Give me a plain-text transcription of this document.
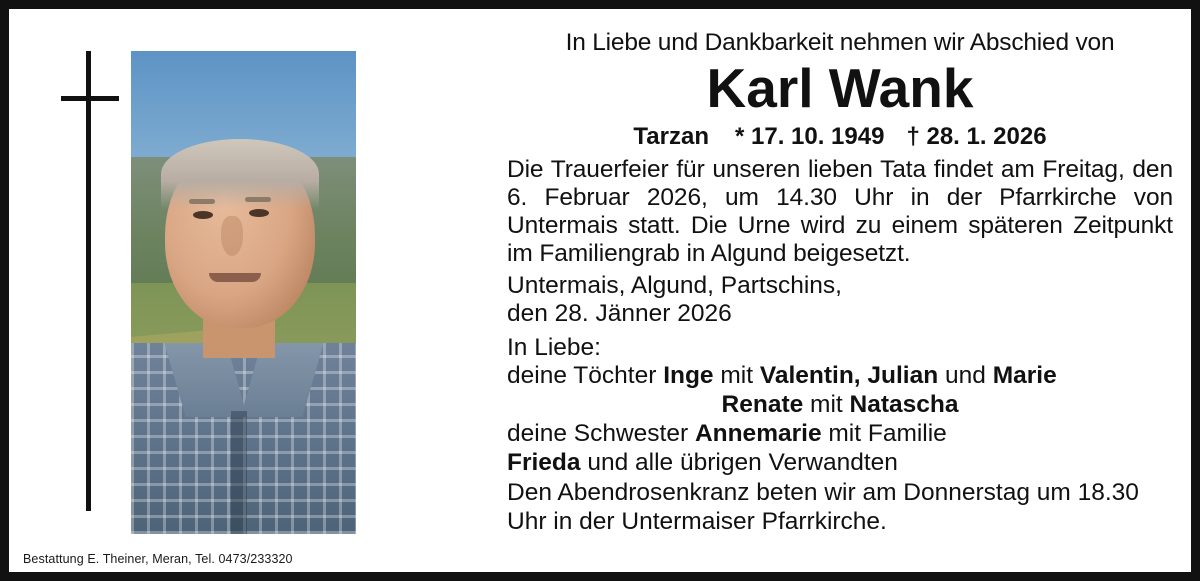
Bestattung E. Theiner, Meran, Tel. 0473/233320
In Liebe und Dankbarkeit nehmen wir Abschied von
Karl Wank
Tarzan * 17. 10. 1949 † 28. 1. 2026

Die Trauerfeier für unseren lieben Tata findet am Freitag, den 6. Februar 2026, um 14.30 Uhr in der Pfarrkirche von Untermais statt. Die Urne wird zu einem späteren Zeitpunkt im Familiengrab in Algund beigesetzt.

Untermais, Algund, Partschins,
den 28. Jänner 2026
In Liebe:
deine Töchter Inge mit Valentin, Julian und Marie
Renate mit Natascha
deine Schwester Annemarie mit Familie
Frieda und alle übrigen Verwandten
Den Abendrosenkranz beten wir am Donnerstag um 18.30 Uhr in der Untermaiser Pfarrkirche.
